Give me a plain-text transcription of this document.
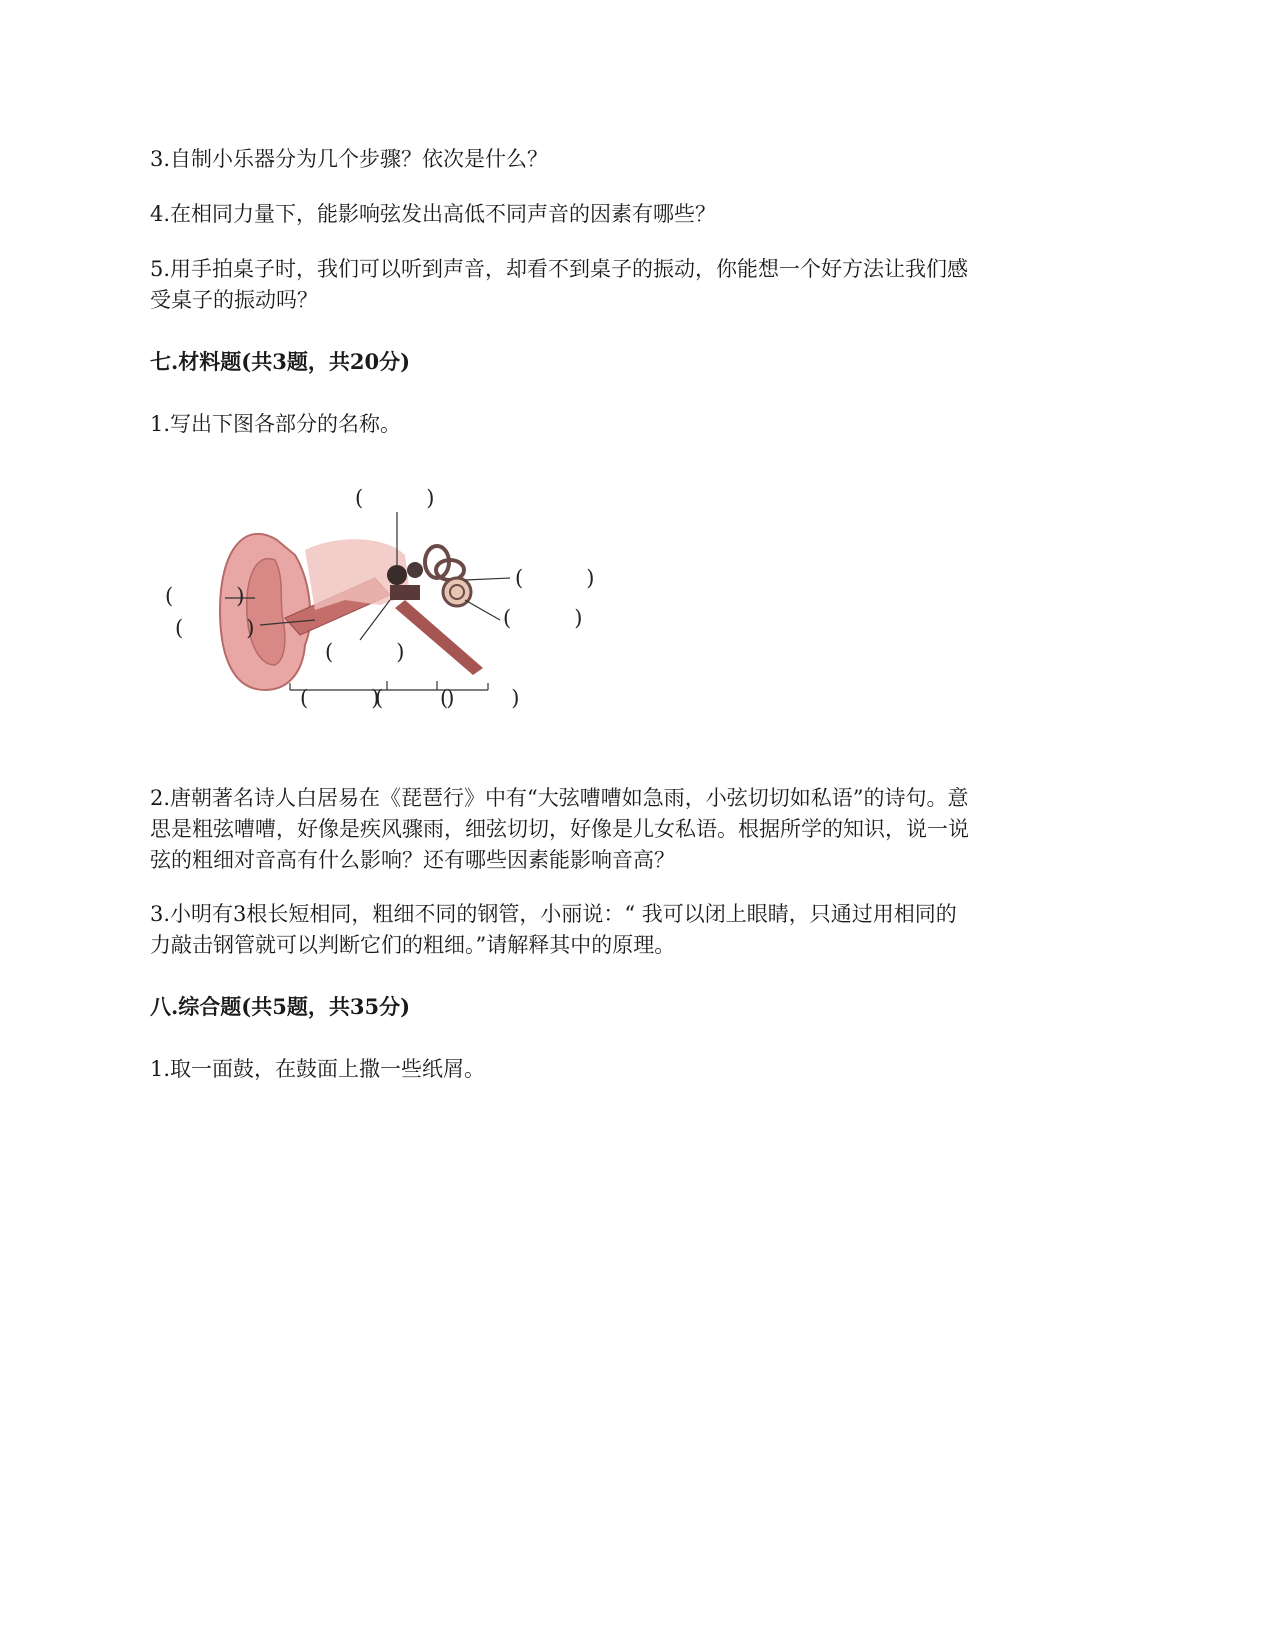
3.自制小乐器分为几个步骤？依次是什么？
4.在相同力量下，能影响弦发出高低不同声音的因素有哪些？
5.用手拍桌子时，我们可以听到声音，却看不到桌子的振动，你能想一个好方法让我们感
受桌子的振动吗？
七.材料题(共3题，共20分)
1.写出下图各部分的名称。
(　　　)
(　　　)
(　　　)
(　　　)
(　　　)
(　　　)
(　　　)
(　　　)
(　　　)
2.唐朝著名诗人白居易在《琵琶行》中有“大弦嘈嘈如急雨，小弦切切如私语”的诗句。意
思是粗弦嘈嘈，好像是疾风骤雨，细弦切切，好像是儿女私语。根据所学的知识，说一说
弦的粗细对音高有什么影响？还有哪些因素能影响音高？
3.小明有3根长短相同，粗细不同的钢管，小丽说：“ 我可以闭上眼睛，只通过用相同的
力敲击钢管就可以判断它们的粗细。”请解释其中的原理。
八.综合题(共5题，共35分)
1.取一面鼓，在鼓面上撒一些纸屑。
